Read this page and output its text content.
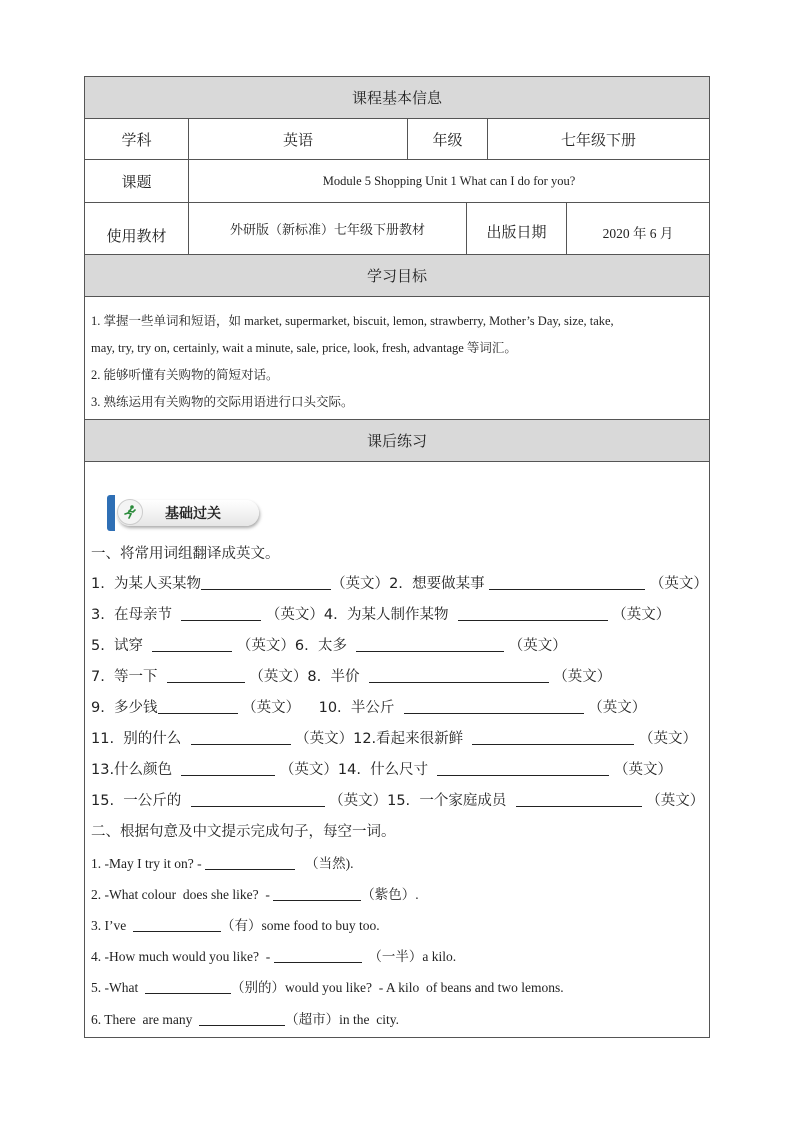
课程基本信息
学科	英语	年级	七年级下册
课题	Module 5 Shopping Unit 1 What can I do for you?
使用教材	外研版（新标准）七年级下册教材	出版日期	2020 年 6 月
学习目标
1. 掌握一些单词和短语，如 market, supermarket, biscuit, lemon, strawberry, Mother’s Day, size, take,
may, try, try on, certainly, wait a minute, sale, price, look, fresh, advantage 等词汇。
2. 能够听懂有关购物的简短对话。
3. 熟练运用有关购物的交际用语进行口头交际。
课后练习
基础过关
一、将常用词组翻译成英文。
1.  为某人买某物	（英文）2.  想要做某事	（英文）
3.  在母亲节	（英文）4.  为某人制作某物	（英文）
5.  试穿	（英文）6.  太多	（英文）
7.  等一下	（英文）8.  半价	（英文）
9.  多少钱	（英文） 10.  半公斤	（英文）
11.  别的什么	（英文）12.看起来很新鲜	（英文）
13.什么颜色	（英文）14.  什么尺寸	（英文）
15.  一公斤的	（英文）15.  一个家庭成员	（英文）
二、根据句意及中文提示完成句子，每空一词。
1. -May I try it on? -	（当然).
2. -What colour  does she like?  -	（紫色）.
3. I’ve	（有）some food to buy too.
4. -How much would you like?  -	（一半）a kilo.
5. -What	（别的）would you like?  - A kilo  of beans and two lemons.
6. There  are many	（超市）in the  city.
